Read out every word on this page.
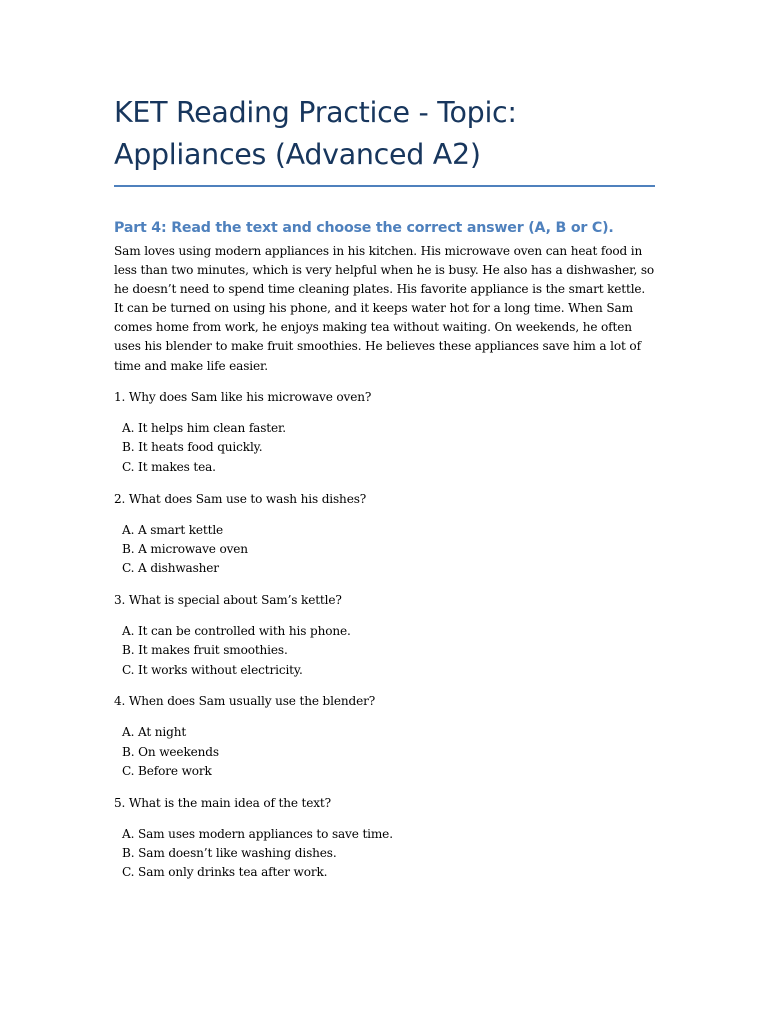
KET Reading Practice - Topic: Appliances (Advanced A2)
Part 4: Read the text and choose the correct answer (A, B or C).

Sam loves using modern appliances in his kitchen. His microwave oven can heat food in less than two minutes, which is very helpful when he is busy. He also has a dishwasher, so he doesn’t need to spend time cleaning plates. His favorite appliance is the smart kettle. It can be turned on using his phone, and it keeps water hot for a long time. When Sam comes home from work, he enjoys making tea without waiting. On weekends, he often uses his blender to make fruit smoothies. He believes these appliances save him a lot of time and make life easier.

1. Why does Sam like his microwave oven?

A. It helps him clean faster.
B. It heats food quickly.
C. It makes tea.

2. What does Sam use to wash his dishes?

A. A smart kettle
B. A microwave oven
C. A dishwasher

3. What is special about Sam’s kettle?

A. It can be controlled with his phone.
B. It makes fruit smoothies.
C. It works without electricity.

4. When does Sam usually use the blender?

A. At night
B. On weekends
C. Before work

5. What is the main idea of the text?

A. Sam uses modern appliances to save time.
B. Sam doesn’t like washing dishes.
C. Sam only drinks tea after work.
